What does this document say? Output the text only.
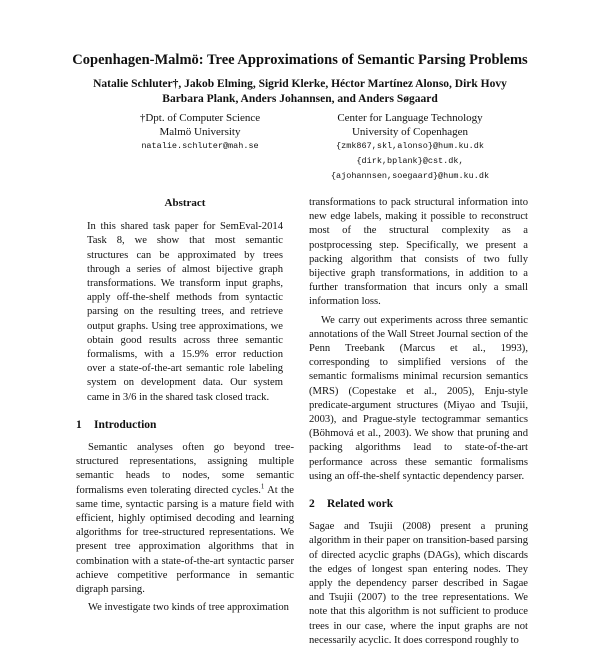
Copenhagen-Malmö: Tree Approximations of Semantic Parsing Problems
Natalie Schluter†, Jakob Elming, Sigrid Klerke, Héctor Martínez Alonso, Dirk Hovy
Barbara Plank, Anders Johannsen, and Anders Søgaard
†Dpt. of Computer Science
Malmö University
natalie.schluter@mah.se
Center for Language Technology
University of Copenhagen
{zmk867,skl,alonso}@hum.ku.dk
{dirk,bplank}@cst.dk,
{ajohannsen,soegaard}@hum.ku.dk
Abstract

In this shared task paper for SemEval-2014 Task 8, we show that most semantic structures can be approximated by trees through a series of almost bijective graph transformations. We transform input graphs, apply off-the-shelf methods from syntactic parsing on the resulting trees, and retrieve output graphs. Using tree approximations, we obtain good results across three semantic formalisms, with a 15.9% error reduction over a state-of-the-art semantic role labeling system on development data. Our system came in 3/6 in the shared task closed track.

1 Introduction

Semantic analyses often go beyond tree-structured representations, assigning multiple semantic heads to nodes, some semantic formalisms even tolerating directed cycles.$^1$ At the same time, syntactic parsing is a mature field with efficient, highly optimised decoding and learning algorithms for tree-structured representations. We present tree approximation algorithms that in combination with a state-of-the-art syntactic parser achieve competitive performance in semantic digraph parsing.

We investigate two kinds of tree approximation

transformations to pack structural information into new edge labels, making it possible to reconstruct most of the structural complexity as a postprocessing step. Specifically, we present a packing algorithm that consists of two fully bijective graph transformations, in addition to a further transformation that incurs only a small information loss.

We carry out experiments across three semantic annotations of the Wall Street Journal section of the Penn Treebank (Marcus et al., 1993), corresponding to simplified versions of the semantic formalisms minimal recursion semantics (MRS) (Copestake et al., 2005), Enju-style predicate-argument structures (Miyao and Tsujii, 2003), and Prague-style tectogrammar semantics (Böhmová et al., 2003). We show that pruning and packing algorithms lead to state-of-the-art performance across these semantic formalisms using an off-the-shelf syntactic dependency parser.

2 Related work

Sagae and Tsujii (2008) present a pruning algorithm in their paper on transition-based parsing of directed acyclic graphs (DAGs), which discards the edges of longest span entering nodes. They apply the dependency parser described in Sagae and Tsujii (2007) to the tree representations. We note that this algorithm is not sufficient to produce trees in our case, where the input graphs are not necessarily acyclic. It does correspond roughly to
